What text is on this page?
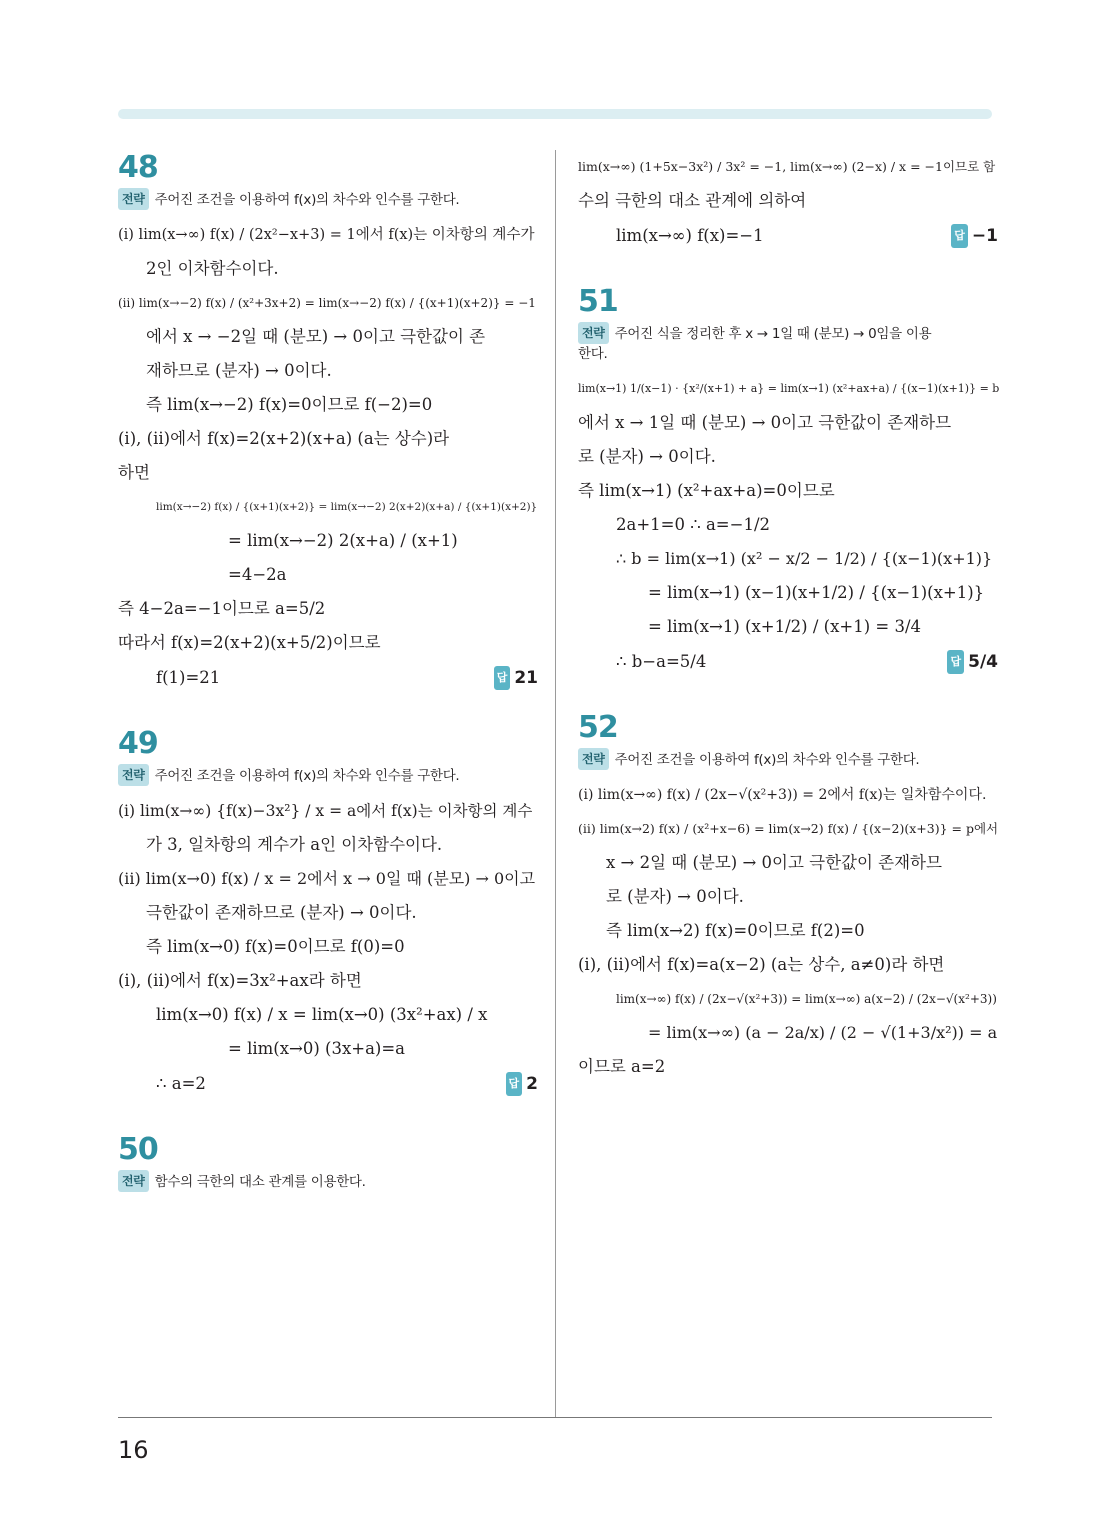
48
전략 주어진 조건을 이용하여 f(x)의 차수와 인수를 구한다.
(ⅰ) lim(x→∞) f(x) / (2x²−x+3) = 1에서 f(x)는 이차항의 계수가
2인 이차함수이다.
(ⅱ) lim(x→−2) f(x) / (x²+3x+2) = lim(x→−2) f(x) / {(x+1)(x+2)} = −1
에서 x → −2일 때 (분모) → 0이고 극한값이 존
재하므로 (분자) → 0이다.
즉 lim(x→−2) f(x)=0이므로 f(−2)=0
(ⅰ), (ⅱ)에서 f(x)=2(x+2)(x+a) (a는 상수)라
하면
lim(x→−2) f(x) / {(x+1)(x+2)} = lim(x→−2) 2(x+2)(x+a) / {(x+1)(x+2)}
= lim(x→−2) 2(x+a) / (x+1)
=4−2a
즉 4−2a=−1이므로 a=5/2
따라서 f(x)=2(x+2)(x+5/2)이므로
f(1)=21	답 21
49
전략 주어진 조건을 이용하여 f(x)의 차수와 인수를 구한다.
(ⅰ) lim(x→∞) {f(x)−3x²} / x = a에서 f(x)는 이차항의 계수
가 3, 일차항의 계수가 a인 이차함수이다.
(ⅱ) lim(x→0) f(x) / x = 2에서 x → 0일 때 (분모) → 0이고
극한값이 존재하므로 (분자) → 0이다.
즉 lim(x→0) f(x)=0이므로 f(0)=0
(ⅰ), (ⅱ)에서 f(x)=3x²+ax라 하면
lim(x→0) f(x) / x = lim(x→0) (3x²+ax) / x
= lim(x→0) (3x+a)=a
∴ a=2	답 2
50
전략 함수의 극한의 대소 관계를 이용한다.
lim(x→∞) (1+5x−3x²) / 3x² = −1, lim(x→∞) (2−x) / x = −1이므로 함
수의 극한의 대소 관계에 의하여
lim(x→∞) f(x)=−1	답 −1
51
전략 주어진 식을 정리한 후 x → 1일 때 (분모) → 0임을 이용
한다.
lim(x→1) 1/(x−1) · {x²/(x+1) + a} = lim(x→1) (x²+ax+a) / {(x−1)(x+1)} = b
에서 x → 1일 때 (분모) → 0이고 극한값이 존재하므
로 (분자) → 0이다.
즉 lim(x→1) (x²+ax+a)=0이므로
2a+1=0 ∴ a=−1/2
∴ b = lim(x→1) (x² − x/2 − 1/2) / {(x−1)(x+1)}
= lim(x→1) (x−1)(x+1/2) / {(x−1)(x+1)}
= lim(x→1) (x+1/2) / (x+1) = 3/4
∴ b−a=5/4	답 5/4
52
전략 주어진 조건을 이용하여 f(x)의 차수와 인수를 구한다.
(ⅰ) lim(x→∞) f(x) / (2x−√(x²+3)) = 2에서 f(x)는 일차함수이다.
(ⅱ) lim(x→2) f(x) / (x²+x−6) = lim(x→2) f(x) / {(x−2)(x+3)} = p에서
x → 2일 때 (분모) → 0이고 극한값이 존재하므
로 (분자) → 0이다.
즉 lim(x→2) f(x)=0이므로 f(2)=0
(ⅰ), (ⅱ)에서 f(x)=a(x−2) (a는 상수, a≠0)라 하면
lim(x→∞) f(x) / (2x−√(x²+3)) = lim(x→∞) a(x−2) / (2x−√(x²+3))
= lim(x→∞) (a − 2a/x) / (2 − √(1+3/x²)) = a
이므로 a=2
16
